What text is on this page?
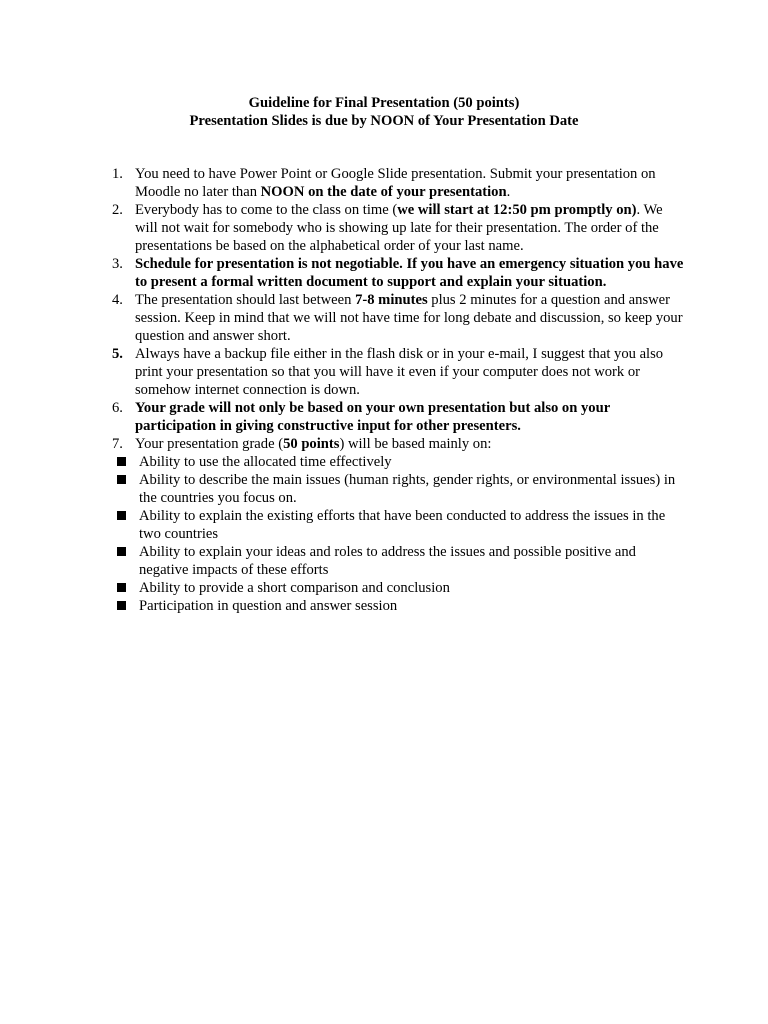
Guideline for Final Presentation (50 points)
Presentation Slides is due by NOON of Your Presentation Date

1. You need to have Power Point or Google Slide presentation. Submit your presentation on Moodle no later than NOON on the date of your presentation.

2. Everybody has to come to the class on time (we will start at 12:50 pm promptly on). We will not wait for somebody who is showing up late for their presentation. The order of the presentations be based on the alphabetical order of your last name.

3. Schedule for presentation is not negotiable. If you have an emergency situation you have to present a formal written document to support and explain your situation.

4. The presentation should last between 7-8 minutes plus 2 minutes for a question and answer session. Keep in mind that we will not have time for long debate and discussion, so keep your question and answer short.

5. Always have a backup file either in the flash disk or in your e-mail, I suggest that you also print your presentation so that you will have it even if your computer does not work or somehow internet connection is down.

6. Your grade will not only be based on your own presentation but also on your participation in giving constructive input for other presenters.

7. Your presentation grade (50 points) will be based mainly on:

Ability to use the allocated time effectively

Ability to describe the main issues (human rights, gender rights, or environmental issues) in the countries you focus on.

Ability to explain the existing efforts that have been conducted to address the issues in the two countries

Ability to explain your ideas and roles to address the issues and possible positive and negative impacts of these efforts

Ability to provide a short comparison and conclusion

Participation in question and answer session
